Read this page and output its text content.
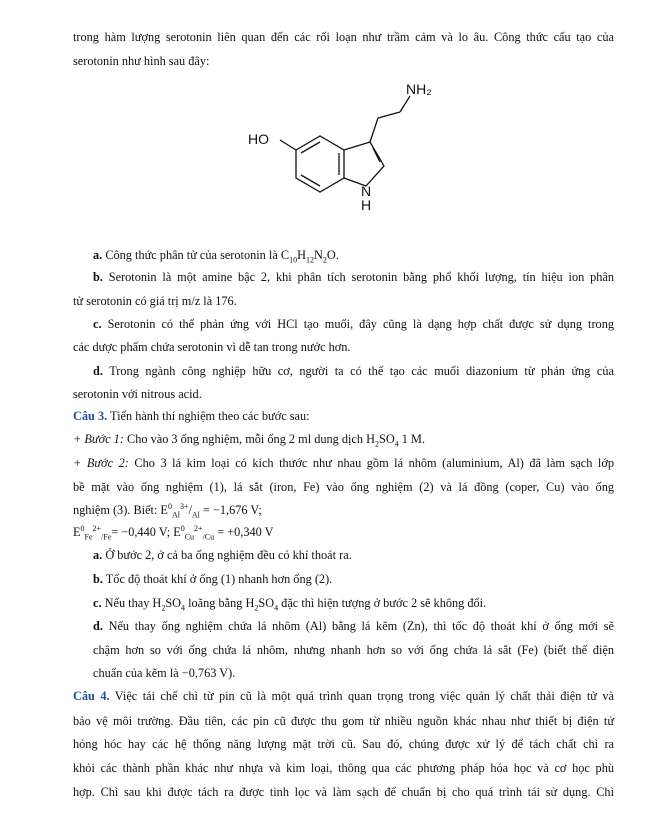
trong hàm lượng serotonin liên quan đến các rối loạn như trầm cảm và lo âu. Công thức cấu tạo của
serotonin như hình sau đây:
NH₂
HO
N
H
a. Công thức phân tử của serotonin là $C_{10}H_{12}N_2O$.
b. Serotonin là một amine bậc 2, khi phân tích serotonin bằng phổ khối lượng, tín hiệu ion phân
tử serotonin có giá trị m/z là 176.
c. Serotonin có thể phản ứng với HCl tạo muối, đây cũng là dạng hợp chất được sử dụng trong
các dược phẩm chứa serotonin vì dễ tan trong nước hơn.
d. Trong ngành công nghiệp hữu cơ, người ta có thể tạo các muối diazonium từ phản ứng của
serotonin với nitrous acid.
Câu 3. Tiến hành thí nghiệm theo các bước sau:
+ Bước 1: Cho vào 3 ống nghiệm, mỗi ống 2 ml dung dịch $H_2SO_4$ 1 M.
+ Bước 2: Cho 3 lá kim loại có kích thước như nhau gồm lá nhôm (aluminium, Al) đã làm sạch lớp
bề mặt vào ống nghiệm (1), lá sắt (iron, Fe) vào ống nghiệm (2) và lá đồng (coper, Cu) vào ống
nghiệm (3). Biết: $E^0_{Al}^{3+}/_{Al} = -1,676$ V;
$E^0_{Fe}^{2+}_{/Fe}= -0,440$ V; $E^0_{Cu}^{2+}_{/Cu} = +0,340$ V
a. Ở bước 2, ở cả ba ống nghiệm đều có khí thoát ra.
b. Tốc độ thoát khí ở ống (1) nhanh hơn ống (2).
c. Nếu thay $H_2SO_4$ loãng bằng $H_2SO_4$ đặc thì hiện tượng ở bước 2 sẽ không đổi.
d. Nếu thay ống nghiệm chứa lá nhôm (Al) bằng lá kẽm (Zn), thì tốc độ thoát khí ở ống mới sẽ
chậm hơn so với ống chứa lá nhôm, nhưng nhanh hơn so với ống chứa lá sắt (Fe) (biết thế điện
chuẩn của kẽm là −0,763 V).
Câu 4. Việc tái chế chì từ pin cũ là một quá trình quan trọng trong việc quản lý chất thải điện tử và
bảo vệ môi trường. Đầu tiên, các pin cũ được thu gom từ nhiều nguồn khác nhau như thiết bị điện tử
hỏng hóc hay các hệ thống năng lượng mặt trời cũ. Sau đó, chúng được xử lý để tách chất chì ra
khỏi các thành phần khác như nhựa và kim loại, thông qua các phương pháp hóa học và cơ học phù
hợp. Chì sau khi được tách ra được tinh lọc và làm sạch để chuẩn bị cho quá trình tái sử dụng. Chì
